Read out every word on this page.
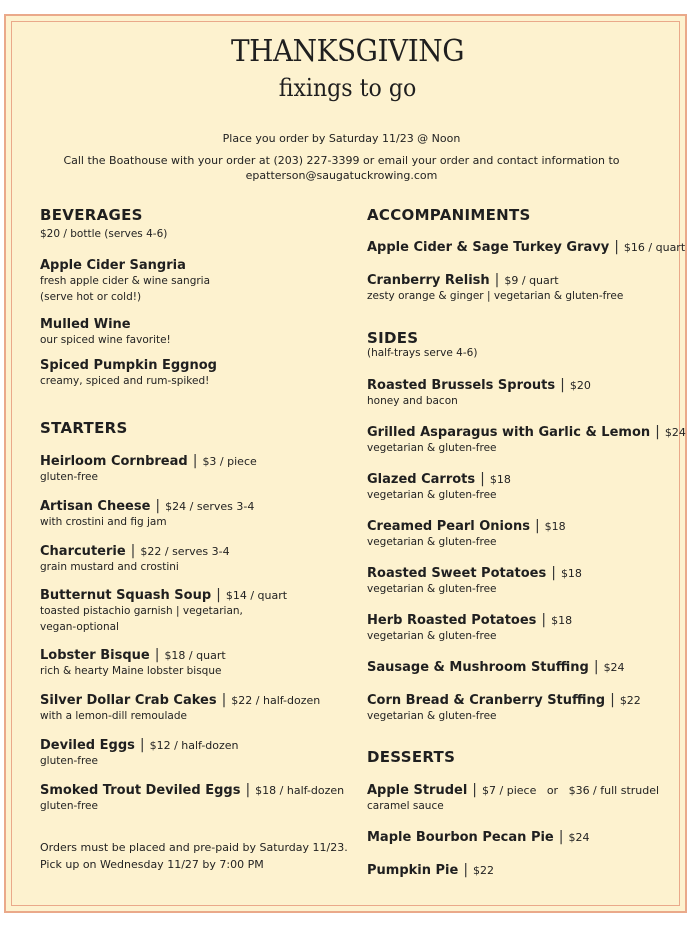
THANKSGIVING
fixings to go
Place you order by Saturday 11/23 @ Noon
Call the Boathouse with your order at (203) 227-3399 or email your order and contact information to
epatterson@saugatuckrowing.com
BEVERAGES
$20 / bottle (serves 4-6)
Apple Cider Sangria
fresh apple cider & wine sangria
(serve hot or cold!)
Mulled Wine
our spiced wine favorite!
Spiced Pumpkin Eggnog
creamy, spiced and rum-spiked!
STARTERS
Heirloom Cornbread | $3 / piece
gluten-free
Artisan Cheese | $24 / serves 3-4
with crostini and fig jam
Charcuterie | $22 / serves 3-4
grain mustard and crostini
Butternut Squash Soup | $14 / quart
toasted pistachio garnish | vegetarian,
vegan-optional
Lobster Bisque | $18 / quart
rich & hearty Maine lobster bisque
Silver Dollar Crab Cakes | $22 / half-dozen
with a lemon-dill remoulade
Deviled Eggs | $12 / half-dozen
gluten-free
Smoked Trout Deviled Eggs | $18 / half-dozen
gluten-free
Orders must be placed and pre-paid by Saturday 11/23.
Pick up on Wednesday 11/27 by 7:00 PM
ACCOMPANIMENTS
Apple Cider & Sage Turkey Gravy | $16 / quart
Cranberry Relish | $9 / quart
zesty orange & ginger | vegetarian & gluten-free
SIDES
(half-trays serve 4-6)
Roasted Brussels Sprouts | $20
honey and bacon
Grilled Asparagus with Garlic & Lemon | $24
vegetarian & gluten-free
Glazed Carrots | $18
vegetarian & gluten-free
Creamed Pearl Onions | $18
vegetarian & gluten-free
Roasted Sweet Potatoes | $18
vegetarian & gluten-free
Herb Roasted Potatoes | $18
vegetarian & gluten-free
Sausage & Mushroom Stuffing | $24
Corn Bread & Cranberry Stuffing | $22
vegetarian & gluten-free
DESSERTS
Apple Strudel | $7 / piece   or   $36 / full strudel
caramel sauce
Maple Bourbon Pecan Pie | $24
Pumpkin Pie | $22
